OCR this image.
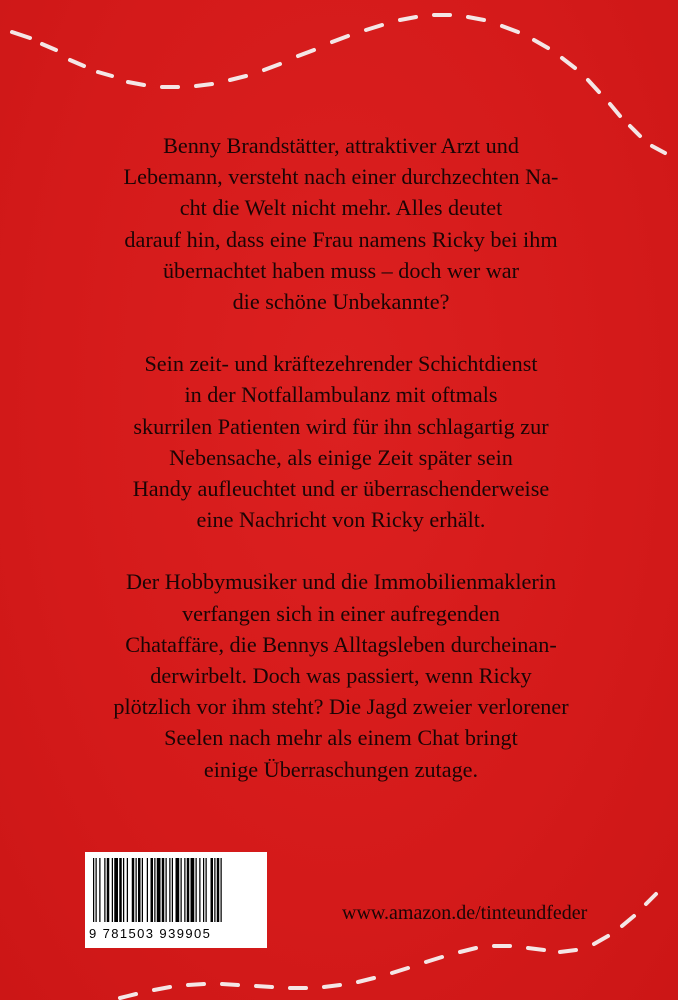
Benny Brandstätter, attraktiver Arzt und
Lebemann, versteht nach einer durchzechten Na-
cht die Welt nicht mehr. Alles deutet
darauf hin, dass eine Frau namens Ricky bei ihm
übernachtet haben muss – doch wer war
die schöne Unbekannte?
Sein zeit- und kräftezehrender Schichtdienst
in der Notfallambulanz mit oftmals
skurrilen Patienten wird für ihn schlagartig zur
Nebensache, als einige Zeit später sein
Handy aufleuchtet und er überraschenderweise
eine Nachricht von Ricky erhält.
Der Hobbymusiker und die Immobilienmaklerin
verfangen sich in einer aufregenden
Chataffäre, die Bennys Alltagsleben durcheinan-
derwirbelt. Doch was passiert, wenn Ricky
plötzlich vor ihm steht? Die Jagd zweier verlorener
Seelen nach mehr als einem Chat bringt
einige Überraschungen zutage.
9 781503 939905
www.amazon.de/tinteundfeder
